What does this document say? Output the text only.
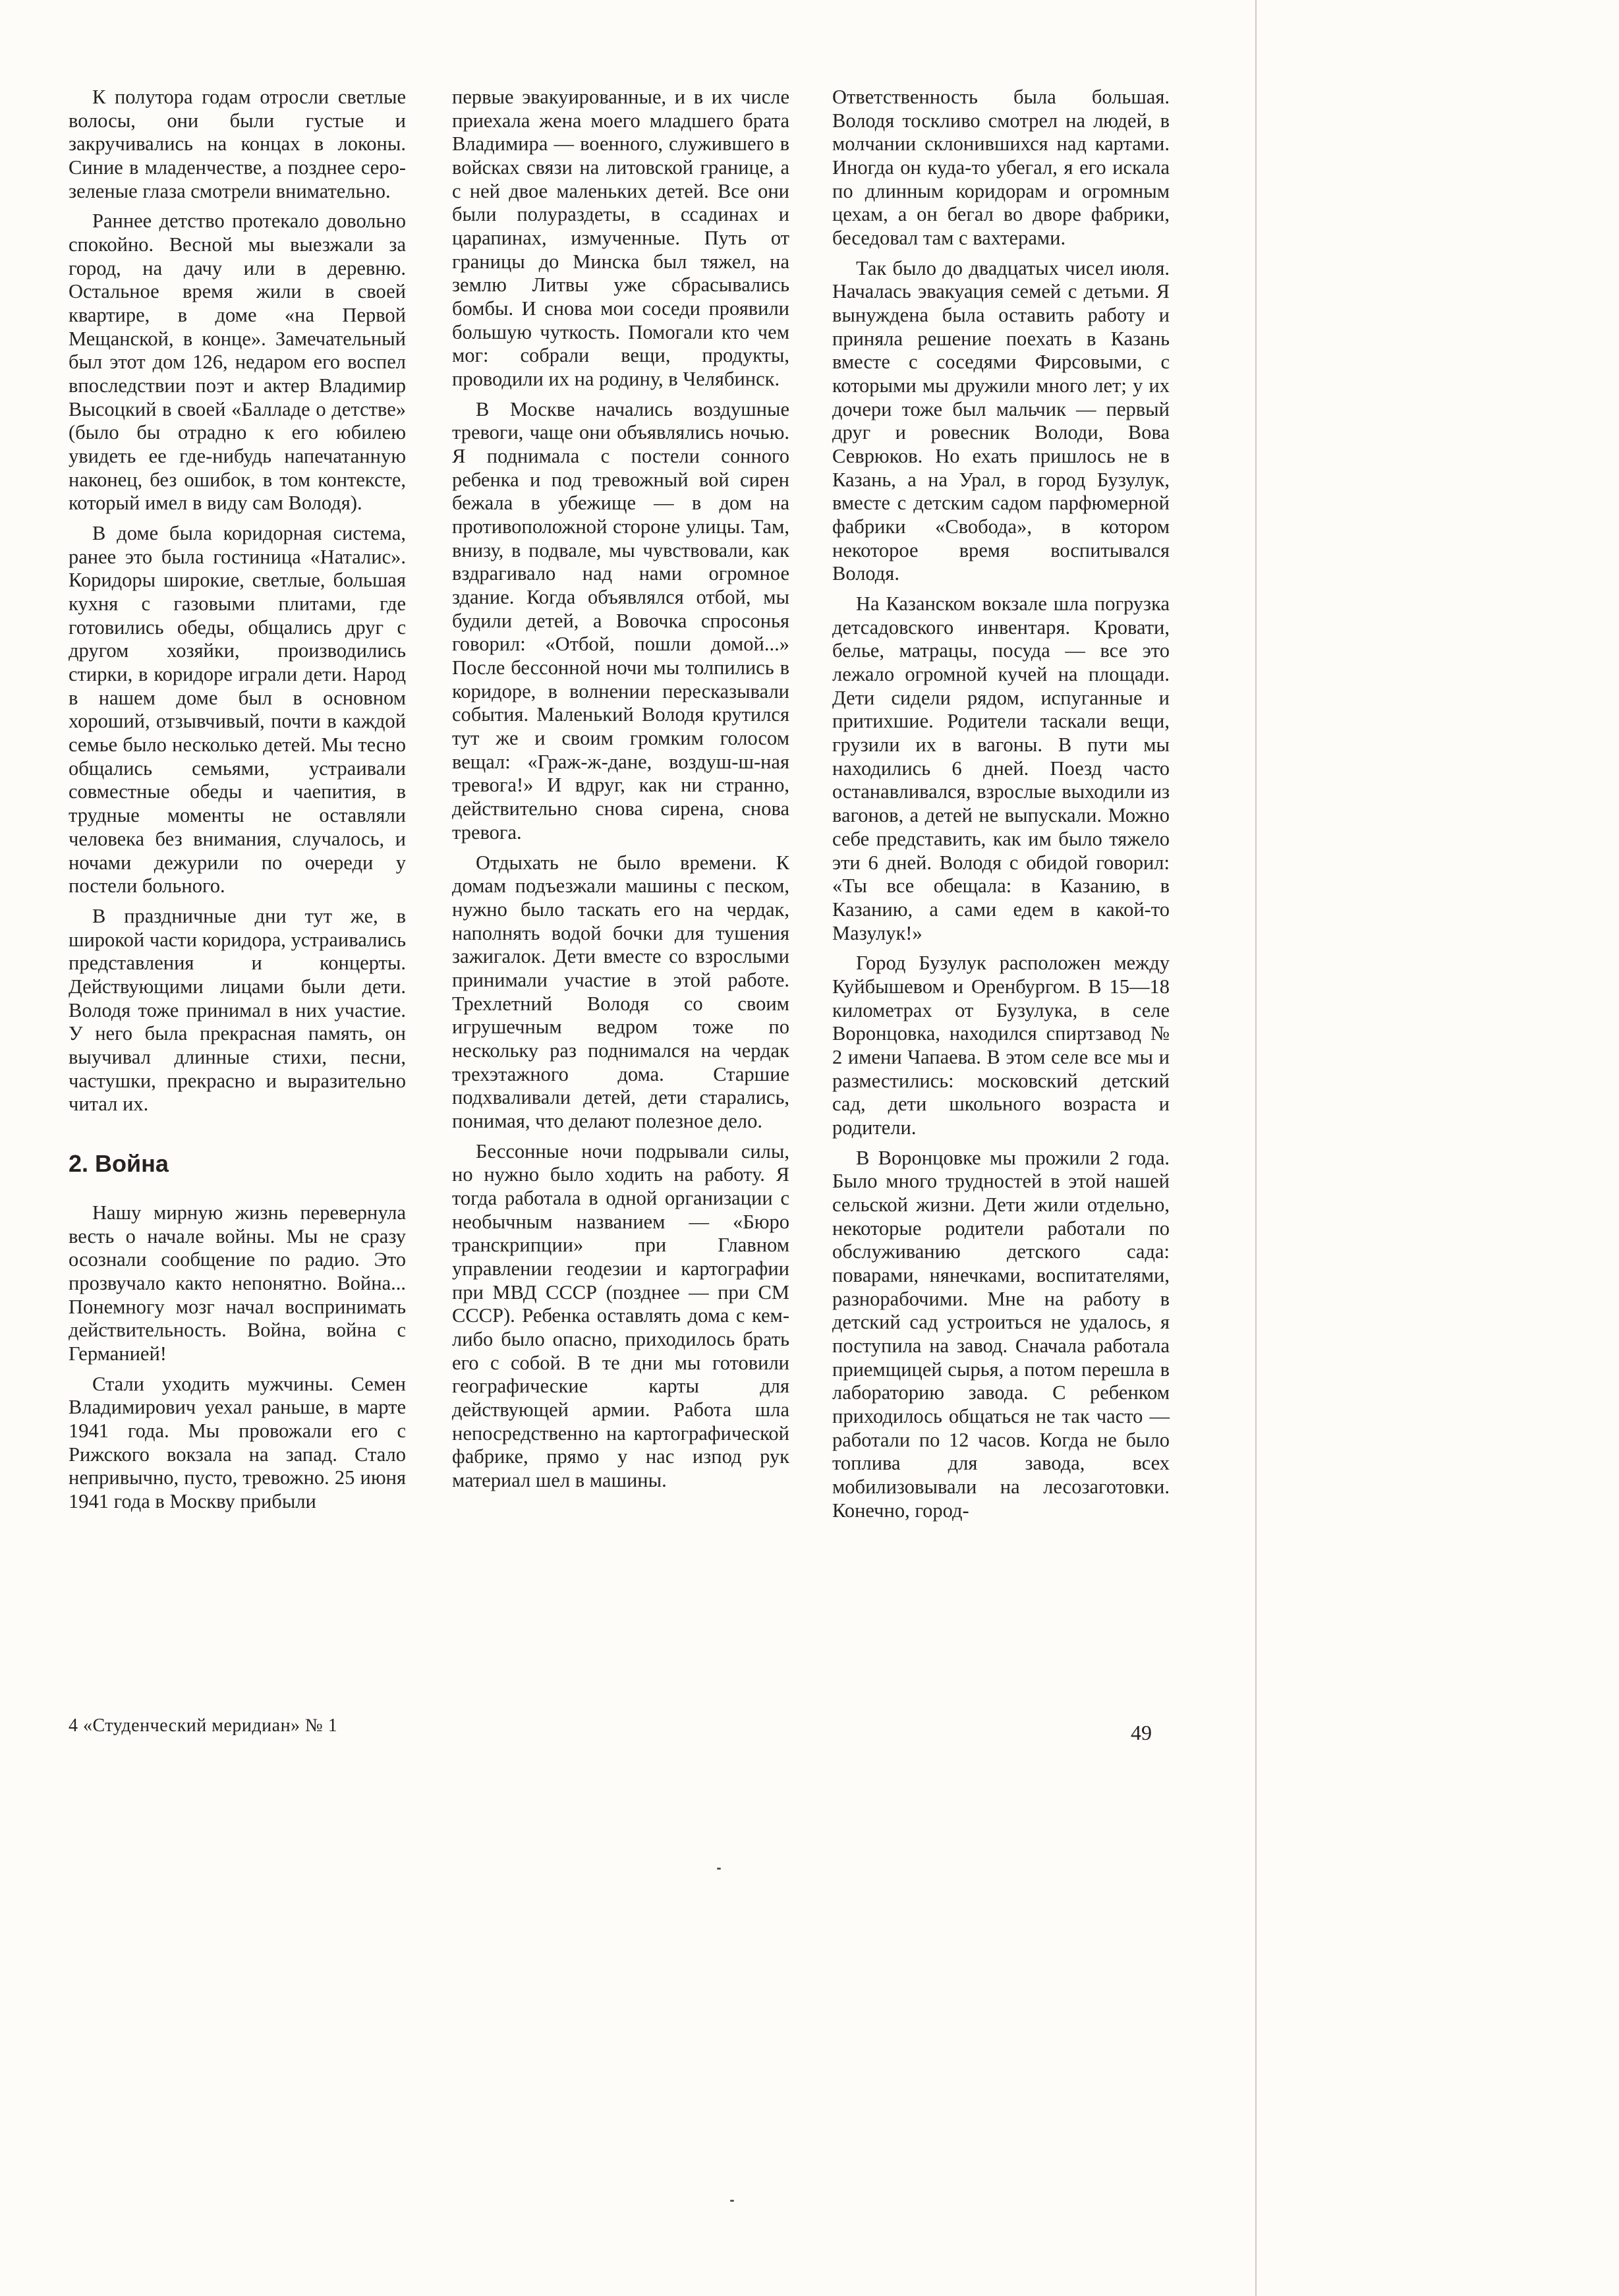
К полутора годам отросли светлые волосы, они были густые и закручивались на концах в локоны. Синие в младенчестве, а позднее серо-зеленые глаза смотрели внимательно.

Раннее детство протекало довольно спокойно. Весной мы выезжали за город, на дачу или в деревню. Остальное время жили в своей квартире, в доме «на Первой Мещанской, в конце». Замечательный был этот дом 126, недаром его воспел впоследствии поэт и актер Владимир Высоцкий в своей «Балладе о детстве» (было бы отрадно к его юбилею увидеть ее где-нибудь напечатанную наконец, без ошибок, в том контексте, который имел в виду сам Володя).

В доме была коридорная система, ранее это была гостиница «Наталис». Коридоры широкие, светлые, большая кухня с газовыми плитами, где готовились обеды, общались друг с другом хозяйки, производились стирки, в коридоре играли дети. Народ в нашем доме был в основном хороший, отзывчивый, почти в каждой семье было несколько детей. Мы тесно общались семьями, устраивали совместные обеды и чаепития, в трудные моменты не оставляли человека без внимания, случалось, и ночами дежурили по очереди у постели больного.

В праздничные дни тут же, в широкой части коридора, устраивались представления и концерты. Действующими лицами были дети. Володя тоже принимал в них участие. У него была прекрасная память, он выучивал длинные стихи, песни, частушки, прекрасно и выразительно читал их.

2. Война

Нашу мирную жизнь перевернула весть о начале войны. Мы не сразу осознали сообщение по радио. Это прозвучало както непонятно. Война... Понемногу мозг начал воспринимать действительность. Война, война с Германией!

Стали уходить мужчины. Семен Владимирович уехал раньше, в марте 1941 года. Мы провожали его с Рижского вокзала на запад. Стало непривычно, пусто, тревожно. 25 июня 1941 года в Москву прибыли

первые эвакуированные, и в их числе приехала жена моего младшего брата Владимира — военного, служившего в войсках связи на литовской границе, а с ней двое маленьких детей. Все они были полураздеты, в ссадинах и царапинах, измученные. Путь от границы до Минска был тяжел, на землю Литвы уже сбрасывались бомбы. И снова мои соседи проявили большую чуткость. Помогали кто чем мог: собрали вещи, продукты, проводили их на родину, в Челябинск.

В Москве начались воздушные тревоги, чаще они объявлялись ночью. Я поднимала с постели сонного ребенка и под тревожный вой сирен бежала в убежище — в дом на противоположной стороне улицы. Там, внизу, в подвале, мы чувствовали, как вздрагивало над нами огромное здание. Когда объявлялся отбой, мы будили детей, а Вовочка спросонья говорил: «Отбой, пошли домой...» После бессонной ночи мы толпились в коридоре, в волнении пересказывали события. Маленький Володя крутился тут же и своим громким голосом вещал: «Граж-ж-дане, воздуш-ш-ная тревога!» И вдруг, как ни странно, действительно снова сирена, снова тревога.

Отдыхать не было времени. К домам подъезжали машины с песком, нужно было таскать его на чердак, наполнять водой бочки для тушения зажигалок. Дети вместе со взрослыми принимали участие в этой работе. Трехлетний Володя со своим игрушечным ведром тоже по нескольку раз поднимался на чердак трехэтажного дома. Старшие подхваливали детей, дети старались, понимая, что делают полезное дело.

Бессонные ночи подрывали силы, но нужно было ходить на работу. Я тогда работала в одной организации с необычным названием — «Бюро транскрипции» при Главном управлении геодезии и картографии при МВД СССР (позднее — при СМ СССР). Ребенка оставлять дома с кем-либо было опасно, приходилось брать его с собой. В те дни мы готовили географические карты для действующей армии. Работа шла непосредственно на картографической фабрике, прямо у нас изпод рук материал шел в машины.

Ответственность была большая. Володя тоскливо смотрел на людей, в молчании склонившихся над картами. Иногда он куда-то убегал, я его искала по длинным коридорам и огромным цехам, а он бегал во дворе фабрики, беседовал там с вахтерами.

Так было до двадцатых чисел июля. Началась эвакуация семей с детьми. Я вынуждена была оставить работу и приняла решение поехать в Казань вместе с соседями Фирсовыми, с которыми мы дружили много лет; у их дочери тоже был мальчик — первый друг и ровесник Володи, Вова Севрюков. Но ехать пришлось не в Казань, а на Урал, в город Бузулук, вместе с детским садом парфюмерной фабрики «Свобода», в котором некоторое время воспитывался Володя.

На Казанском вокзале шла погрузка детсадовского инвентаря. Кровати, белье, матрацы, посуда — все это лежало огромной кучей на площади. Дети сидели рядом, испуганные и притихшие. Родители таскали вещи, грузили их в вагоны. В пути мы находились 6 дней. Поезд часто останавливался, взрослые выходили из вагонов, а детей не выпускали. Можно себе представить, как им было тяжело эти 6 дней. Володя с обидой говорил: «Ты все обещала: в Казанию, в Казанию, а сами едем в какой-то Мазулук!»

Город Бузулук расположен между Куйбышевом и Оренбургом. В 15—18 километрах от Бузулука, в селе Воронцовка, находился спиртзавод № 2 имени Чапаева. В этом селе все мы и разместились: московский детский сад, дети школьного возраста и родители.

В Воронцовке мы прожили 2 года. Было много трудностей в этой нашей сельской жизни. Дети жили отдельно, некоторые родители работали по обслуживанию детского сада: поварами, нянечками, воспитателями, разнорабочими. Мне на работу в детский сад устроиться не удалось, я поступила на завод. Сначала работала приемщицей сырья, а потом перешла в лабораторию завода. С ребенком приходилось общаться не так часто — работали по 12 часов. Когда не было топлива для завода, всех мобилизовывали на лесозаготовки. Конечно, город-

4 «Студенческий меридиан» № 1	49
